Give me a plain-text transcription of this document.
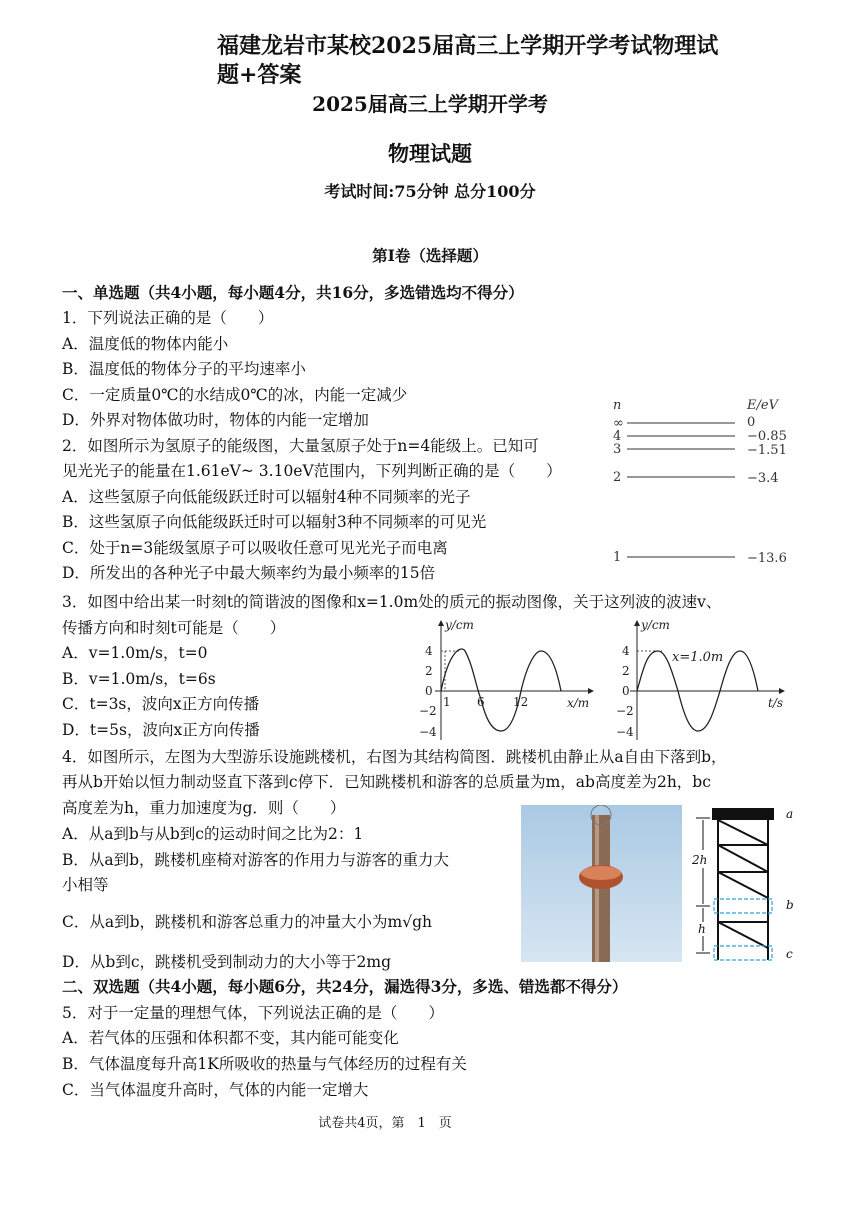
福建龙岩市某校2025届高三上学期开学考试物理试题+答案
2025届高三上学期开学考
物理试题
考试时间:75分钟 总分100分
第Ⅰ卷（选择题）
一、单选题（共4小题，每小题4分，共16分，多选错选均不得分）
1．下列说法正确的是（　　）
A．温度低的物体内能小
B．温度低的物体分子的平均速率小
C．一定质量0℃的水结成0℃的冰，内能一定减少
D．外界对物体做功时，物体的内能一定增加
2．如图所示为氢原子的能级图，大量氢原子处于n=4能级上。已知可
见光光子的能量在1.61eV~ 3.10eV范围内，下列判断正确的是（　　）
A．这些氢原子向低能级跃迁时可以辐射4种不同频率的光子
B．这些氢原子向低能级跃迁时可以辐射3种不同频率的可见光
C．处于n=3能级氢原子可以吸收任意可见光光子而电离
D．所发出的各种光子中最大频率约为最小频率的15倍
n	E/eV
∞
4
3
2
1
0
−0.85
−1.51
−3.4
−13.6
3．如图中给出某一时刻t的简谐波的图像和x=1.0m处的质元的振动图像，关于这列波的波速v、
传播方向和时刻t可能是（　　）
A．v=1.0m/s，t=0
B．v=1.0m/s，t=6s
C．t=3s，波向x正方向传播
D．t=5s，波向x正方向传播
y/cm
x/m
4
2
0
−2
−4
1 6 12
y/cm
t/s
x=1.0m
4
2
0
−2
−4
4．如图所示，左图为大型游乐设施跳楼机，右图为其结构简图．跳楼机由静止从a自由下落到b，
再从b开始以恒力制动竖直下落到c停下．已知跳楼机和游客的总质量为m，ab高度差为2h，bc
高度差为h，重力加速度为g．则（　　）
A．从a到b与从b到c的运动时间之比为2：1
B．从a到b，跳楼机座椅对游客的作用力与游客的重力大
小相等
C．从a到b，跳楼机和游客总重力的冲量大小为m√gh
D．从b到c，跳楼机受到制动力的大小等于2mg
2h
h
a
b
c
二、双选题（共4小题，每小题6分，共24分，漏选得3分，多选、错选都不得分）
5．对于一定量的理想气体，下列说法正确的是（　　）
A．若气体的压强和体积都不变，其内能可能变化
B．气体温度每升高1K所吸收的热量与气体经历的过程有关
C．当气体温度升高时，气体的内能一定增大
试卷共4页，第　1　页
